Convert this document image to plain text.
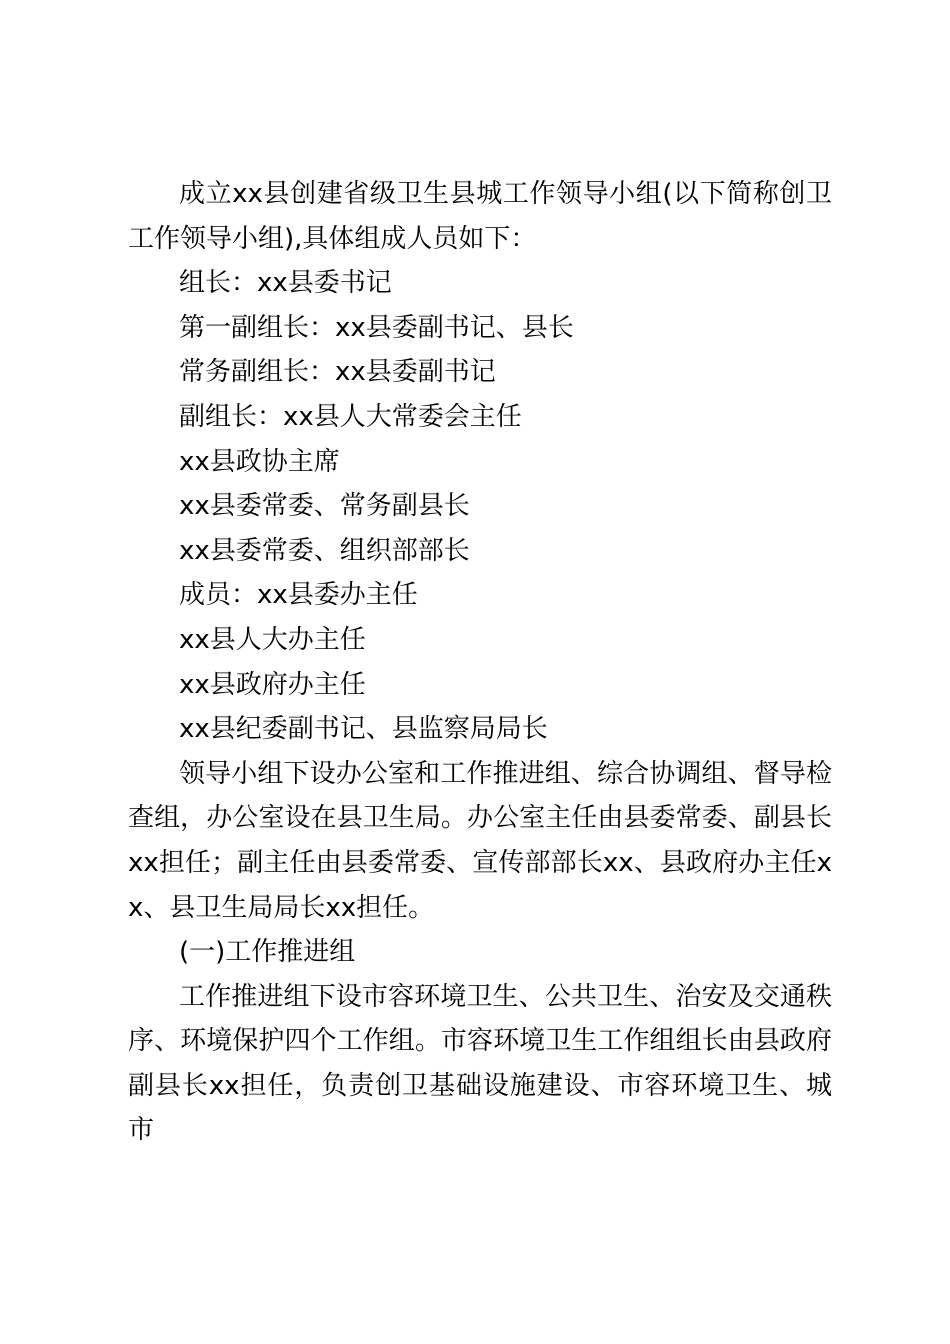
成立xx县创建省级卫生县城工作领导小组(以下简称创卫工作领导小组),具体组成人员如下：

组长：xx县委书记

第一副组长：xx县委副书记、县长

常务副组长：xx县委副书记

副组长：xx县人大常委会主任

xx县政协主席

xx县委常委、常务副县长

xx县委常委、组织部部长

成员：xx县委办主任

xx县人大办主任

xx县政府办主任

xx县纪委副书记、县监察局局长

领导小组下设办公室和工作推进组、综合协调组、督导检查组，办公室设在县卫生局。办公室主任由县委常委、副县长xx担任；副主任由县委常委、宣传部部长xx、县政府办主任xx、县卫生局局长xx担任。

(一)工作推进组

工作推进组下设市容环境卫生、公共卫生、治安及交通秩序、环境保护四个工作组。市容环境卫生工作组组长由县政府副县长xx担任，负责创卫基础设施建设、市容环境卫生、城市
